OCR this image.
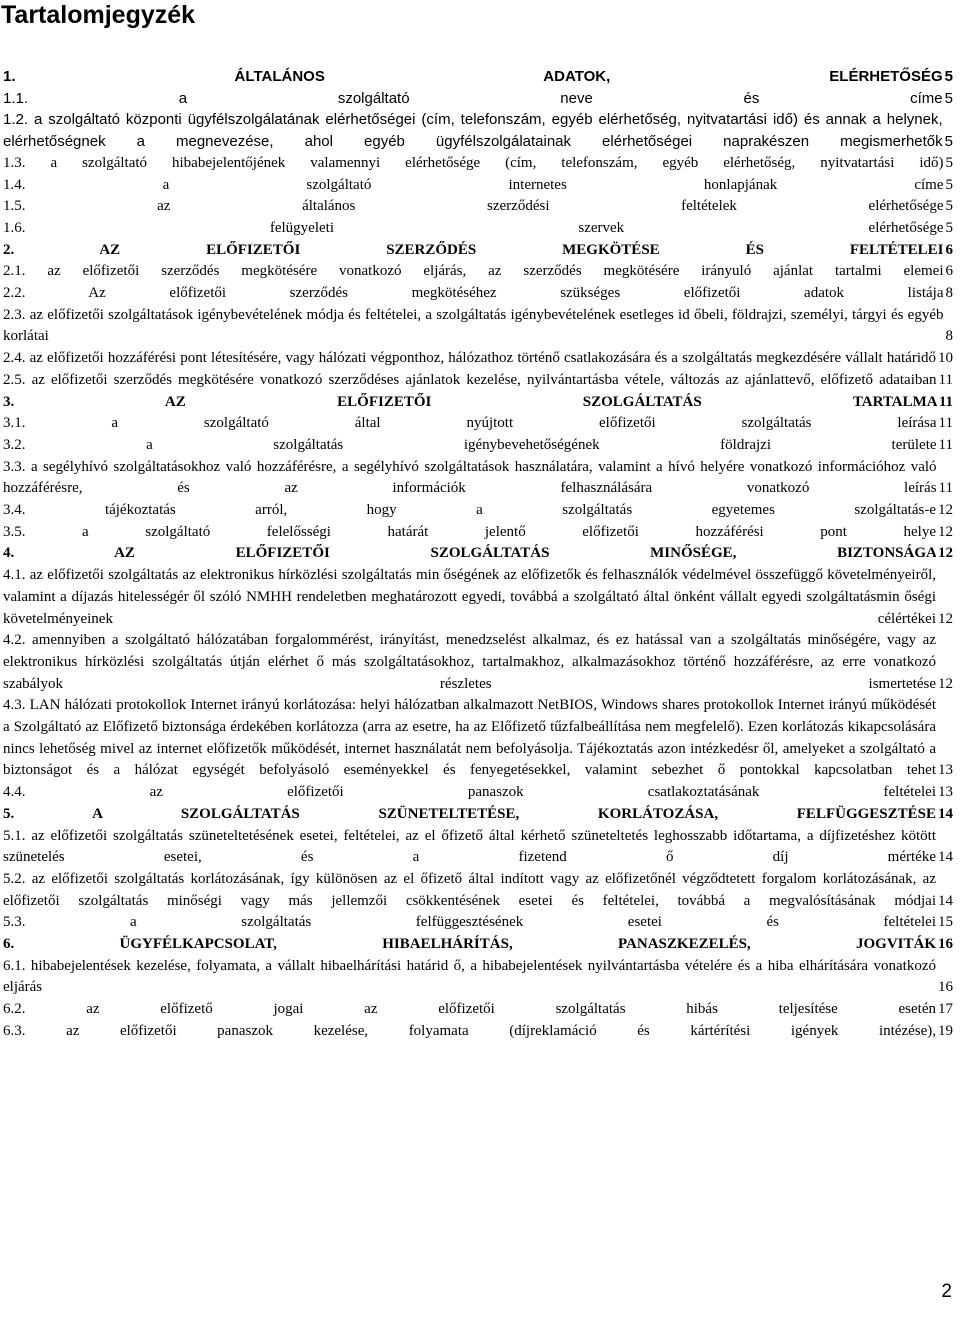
Tartalomjegyzék
1. ÁLTALÁNOS ADATOK, ELÉRHETŐSÉG 5
1.1. a szolgáltató neve és címe 5
1.2. a szolgáltató központi ügyfélszolgálatának elérhetőségei (cím, telefonszám, egyéb elérhetőség, nyitvatartási idő) és annak a helynek, elérhetőségnek a megnevezése, ahol egyéb ügyfélszolgálatainak elérhetőségei naprakészen megismerhetők 5
1.3. a szolgáltató hibabejelentőjének valamennyi elérhetősége (cím, telefonszám, egyéb elérhetőség, nyitvatartási idő) 5
1.4. a szolgáltató internetes honlapjának címe 5
1.5. az általános szerződési feltételek elérhetősége 5
1.6. felügyeleti szervek elérhetősége 5
2. AZ ELŐFIZETŐI SZERZŐDÉS MEGKÖTÉSE ÉS FELTÉTELEI 6
2.1. az előfizetői szerződés megkötésére vonatkozó eljárás, az szerződés megkötésére irányuló ajánlat tartalmi elemei 6
2.2. Az előfizetői szerződés megkötéséhez szükséges előfizetői adatok listája 8
2.3. az előfizetői szolgáltatások igénybevételének módja és feltételei, a szolgáltatás igénybevételének esetleges id őbeli, földrajzi, személyi, tárgyi és egyéb korlátai	8
2.4. az előfizetői hozzáférési pont létesítésére, vagy hálózati végponthoz, hálózathoz történő csatlakozására és a szolgáltatás megkezdésére vállalt határidő 10
2.5. az előfizetői szerződés megkötésére vonatkozó szerződéses ajánlatok kezelése, nyilvántartásba vétele, változás az ajánlattevő, előfizető adataiban 11
3. AZ ELŐFIZETŐI SZOLGÁLTATÁS TARTALMA 11
3.1. a szolgáltató által nyújtott előfizetői szolgáltatás leírása 11
3.2. a szolgáltatás igénybevehetőségének földrajzi területe 11
3.3. a segélyhívó szolgáltatásokhoz való hozzáférésre, a segélyhívó szolgáltatások használatára, valamint a hívó helyére vonatkozó információhoz való hozzáférésre, és az információk felhasználására vonatkozó leírás 11
3.4. tájékoztatás arról, hogy a szolgáltatás egyetemes szolgáltatás-e 12
3.5. a szolgáltató felelősségi határát jelentő előfizetői hozzáférési pont helye 12
4. AZ ELŐFIZETŐI SZOLGÁLTATÁS MINŐSÉGE, BIZTONSÁGA 12
4.1. az előfizetői szolgáltatás az elektronikus hírközlési szolgáltatás min őségének az előfizetők és felhasználók védelmével összefüggő követelményeiről, valamint a díjazás hitelességér ől szóló NMHH rendeletben meghatározott egyedi, továbbá a szolgáltató által önként vállalt egyedi szolgáltatásmin őségi követelményeinek célértékei 12
4.2. amennyiben a szolgáltató hálózatában forgalommérést, irányítást, menedzselést alkalmaz, és ez hatással van a szolgáltatás minőségére, vagy az elektronikus hírközlési szolgáltatás útján elérhet ő más szolgáltatásokhoz, tartalmakhoz, alkalmazásokhoz történő hozzáférésre, az erre vonatkozó szabályok részletes ismertetése 12
4.3. LAN hálózati protokollok Internet irányú korlátozása: helyi hálózatban alkalmazott NetBIOS, Windows shares protokollok Internet irányú működését a Szolgáltató az Előfizető biztonsága érdekében korlátozza (arra az esetre, ha az Előfizető tűzfalbeállítása nem megfelelő). Ezen korlátozás kikapcsolására nincs lehetőség mivel az internet előfizetők működését, internet használatát nem befolyásolja. Tájékoztatás azon intézkedésr ől, amelyeket a szolgáltató a biztonságot és a hálózat egységét befolyásoló eseményekkel és fenyegetésekkel, valamint sebezhet ő pontokkal kapcsolatban tehet 13
4.4. az előfizetői panaszok csatlakoztatásának feltételei 13
5. A SZOLGÁLTATÁS SZÜNETELTETÉSE, KORLÁTOZÁSA, FELFÜGGESZTÉSE 14
5.1. az előfizetői szolgáltatás szüneteltetésének esetei, feltételei, az el őfizető által kérhető szüneteltetés leghosszabb időtartama, a díjfizetéshez kötött szünetelés esetei, és a fizetend ő díj mértéke 14
5.2. az előfizetői szolgáltatás korlátozásának, így különösen az el őfizető által indított vagy az előfizetőnél végződtetett forgalom korlátozásának, az előfizetői szolgáltatás minőségi vagy más jellemzői csökkentésének esetei és feltételei, továbbá a megvalósításának módjai 14
5.3. a szolgáltatás felfüggesztésének esetei és feltételei 15
6. ÜGYFÉLKAPCSOLAT, HIBAELHÁRÍTÁS, PANASZKEZELÉS, JOGVITÁK 16
6.1. hibabejelentések kezelése, folyamata, a vállalt hibaelhárítási határid ő, a hibabejelentések nyilvántartásba vételére és a hiba elhárítására vonatkozó eljárás	16
6.2. az előfizető jogai az előfizetői szolgáltatás hibás teljesítése esetén 17
6.3. az előfizetői panaszok kezelése, folyamata (díjreklamáció és kártérítési igények intézése), 19
2
